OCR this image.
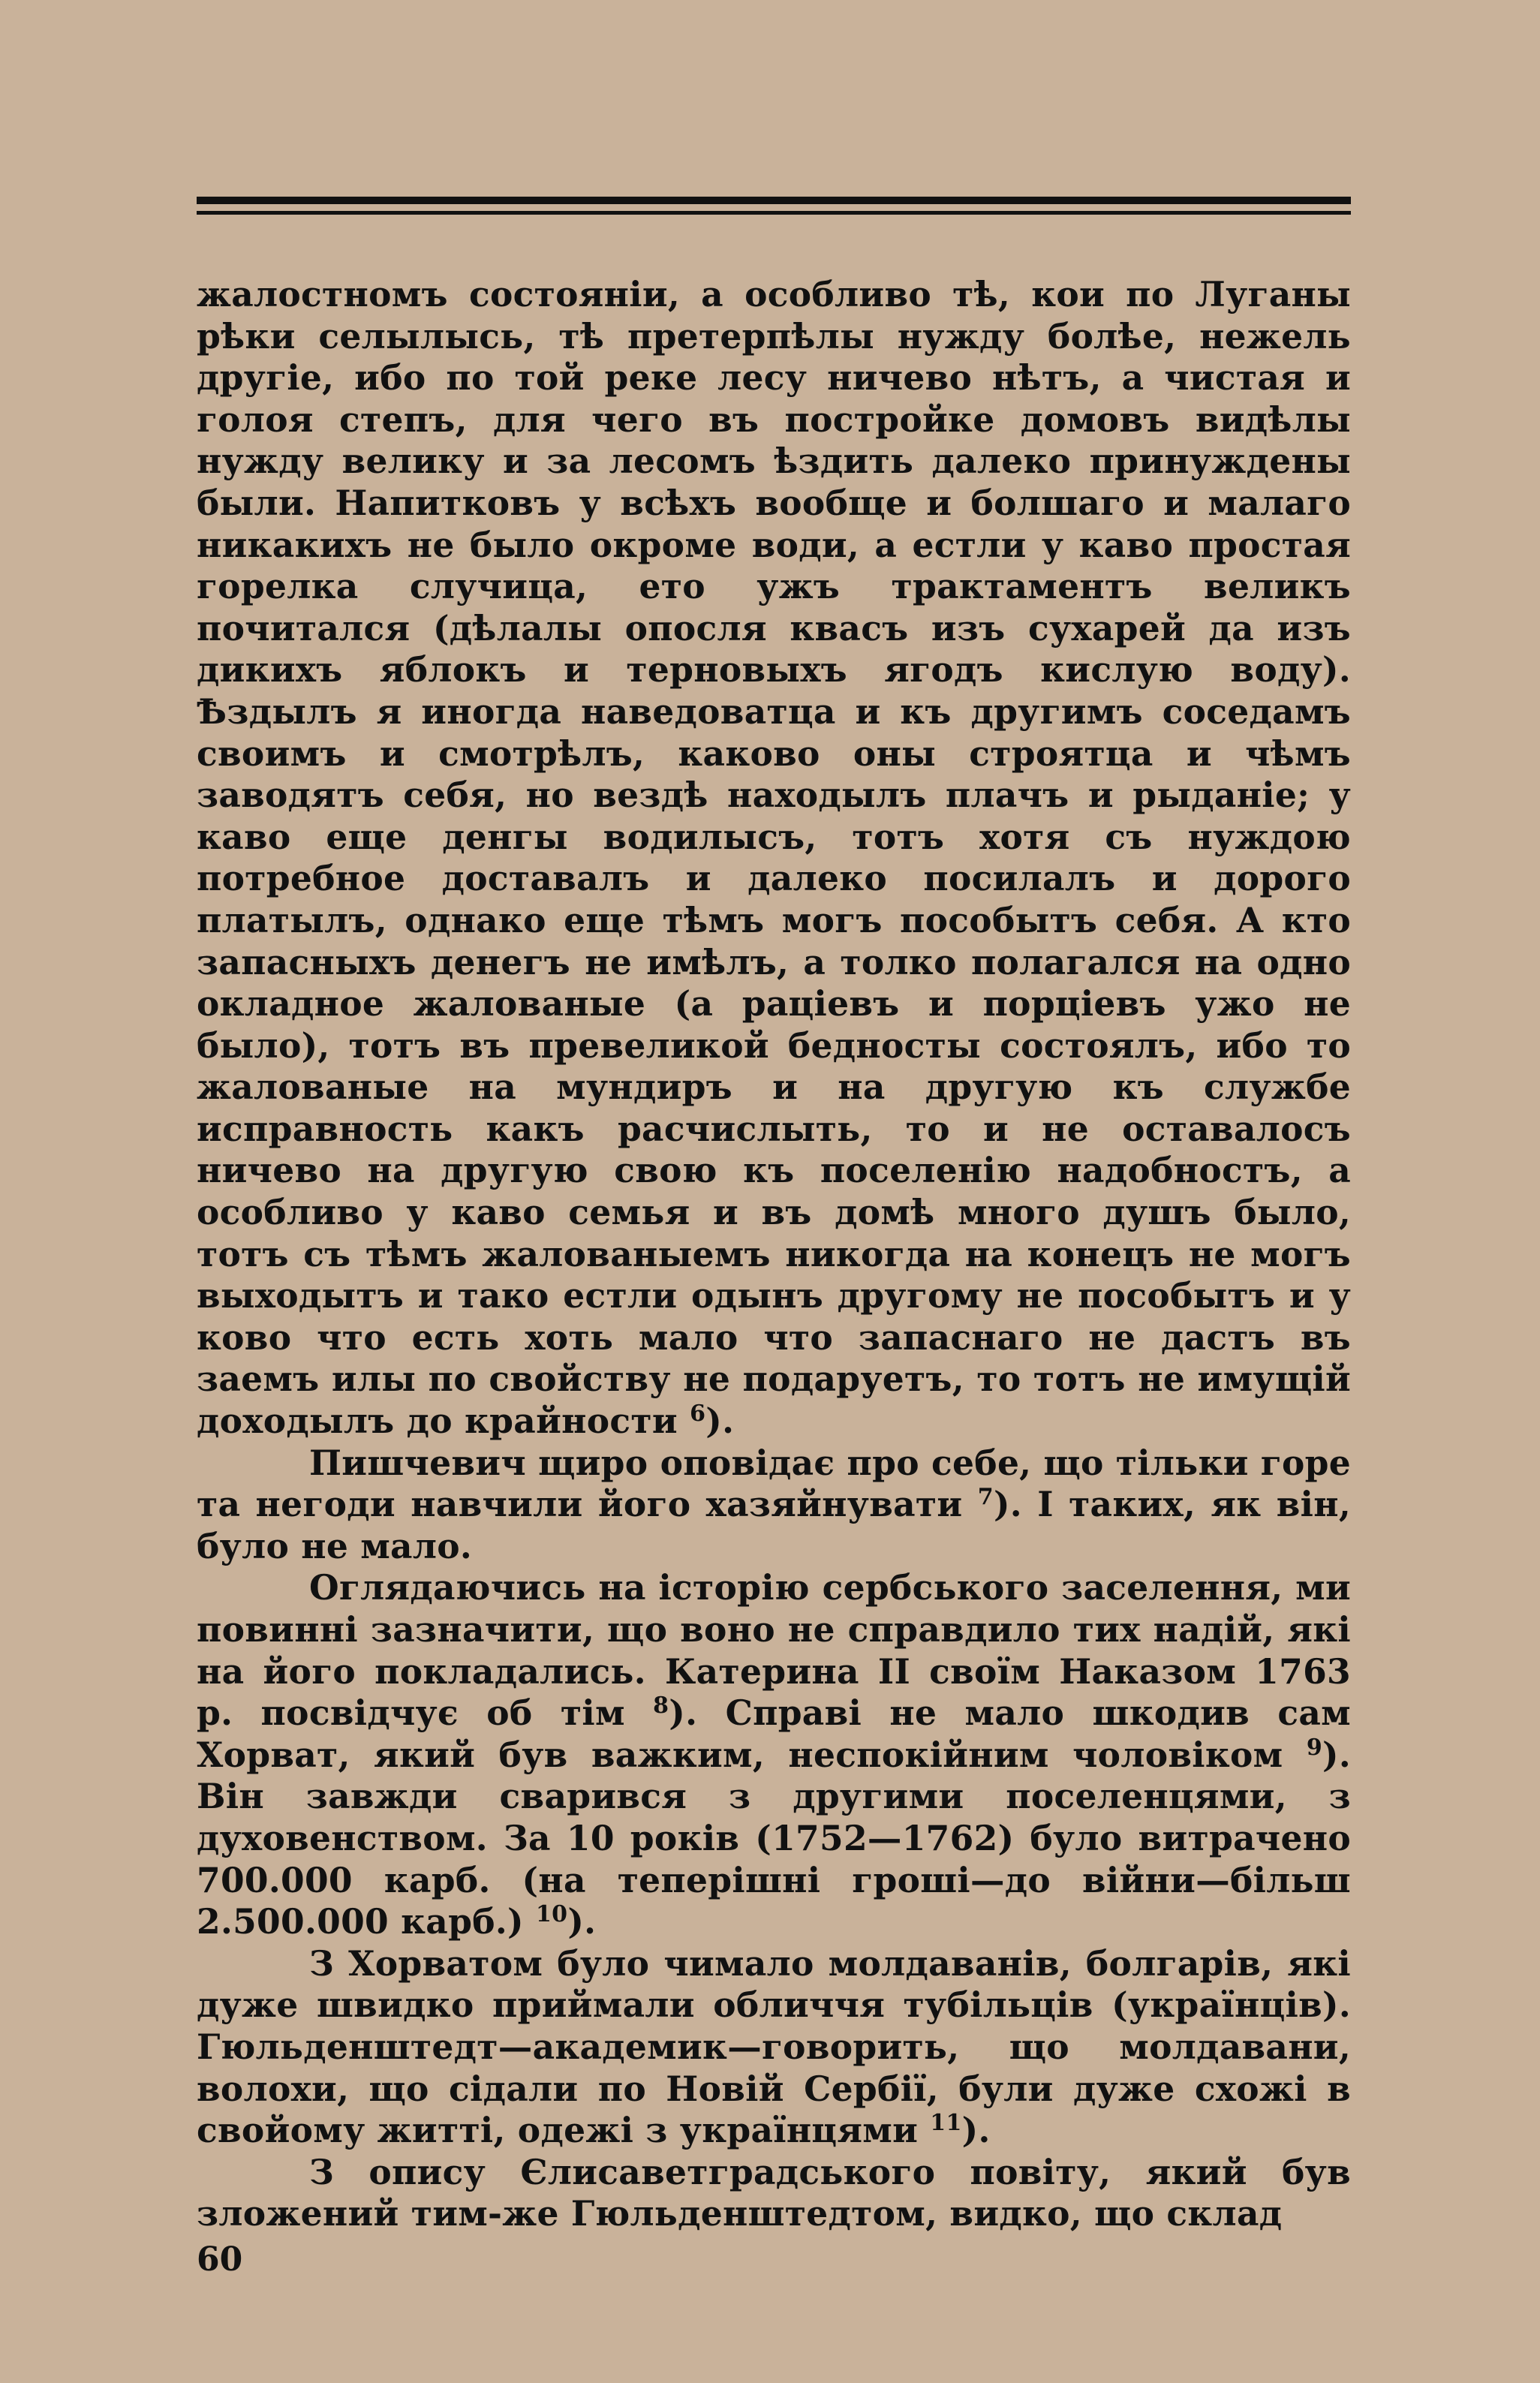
жалостномъ состояніи, а особливо тѣ, кои по Луганы рѣки селылысь, тѣ претерпѣлы нужду болѣе, нежель другіе, ибо по той реке лесу ничево нѣтъ, а чистая и голоя степъ, для чего въ постройке домовъ видѣлы нужду велику и за лесомъ ѣздить далеко принуждены были. Напитковъ у всѣхъ вообще и болшаго и малаго никакихъ не было окроме води, а естли у каво простая горелка случица, ето ужъ трактаментъ великъ почитался (дѣлалы опосля квасъ изъ сухарей да изъ дикихъ яблокъ и терновыхъ ягодъ кислую воду). Ѣздылъ я иногда наведоватца и къ другимъ соседамъ своимъ и смотрѣлъ, каково оны строятца и чѣмъ заводятъ себя, но вездѣ находылъ плачъ и рыданіе; у каво еще денгы водилысъ, тотъ хотя съ нуждою потребное доставалъ и далеко посилалъ и дорого платылъ, однако еще тѣмъ могъ пособытъ себя. А кто запасныхъ денегъ не имѣлъ, а толко полагался на одно окладное жалованые (а раціевъ и порціевъ ужо не было), тотъ въ превеликой бедносты состоялъ, ибо то жалованые на мундиръ и на другую къ службе исправность какъ расчислыть, то и не оставалосъ ничево на другую свою къ поселенію надобностъ, а особливо у каво семья и въ домѣ много душъ было, тотъ съ тѣмъ жалованыемъ никогда на конецъ не могъ выходытъ и тако естли одынъ другому не пособытъ и у ково что есть хоть мало что запаснаго не дастъ въ заемъ илы по свойству не подаруетъ, то тотъ не имущій доходылъ до крайности $^6$).

Пишчевич щиро оповідає про себе, що тільки горе та негоди навчили його хазяйнувати $^7$). І таких, як він, було не мало.

Оглядаючись на історію сербського заселення, ми повинні зазначити, що воно не справдило тих надій, які на його покладались. Катерина II своїм Наказом 1763 р. посвідчує об тім $^8$). Справі не мало шкодив сам Хорват, який був важким, неспокійним чоловіком $^9$). Він завжди сварився з другими поселенцями, з духовенством. За 10 років (1752—1762) було витрачено 700.000 карб. (на теперішні гроші—до війни—більш 2.500.000 карб.) $^{10}$).

З Хорватом було чимало молдаванів, болгарів, які дуже швидко приймали обличчя тубільців (українців). Гюльденштедт—академик—говорить, що молдавани, волохи, що сідали по Новій Сербії, були дуже схожі в свойому житті, одежі з українцями $^{11}$).

З опису Єлисаветградського повіту, який був зложений тим-же Гюльденштедтом, видко, що склад

60
